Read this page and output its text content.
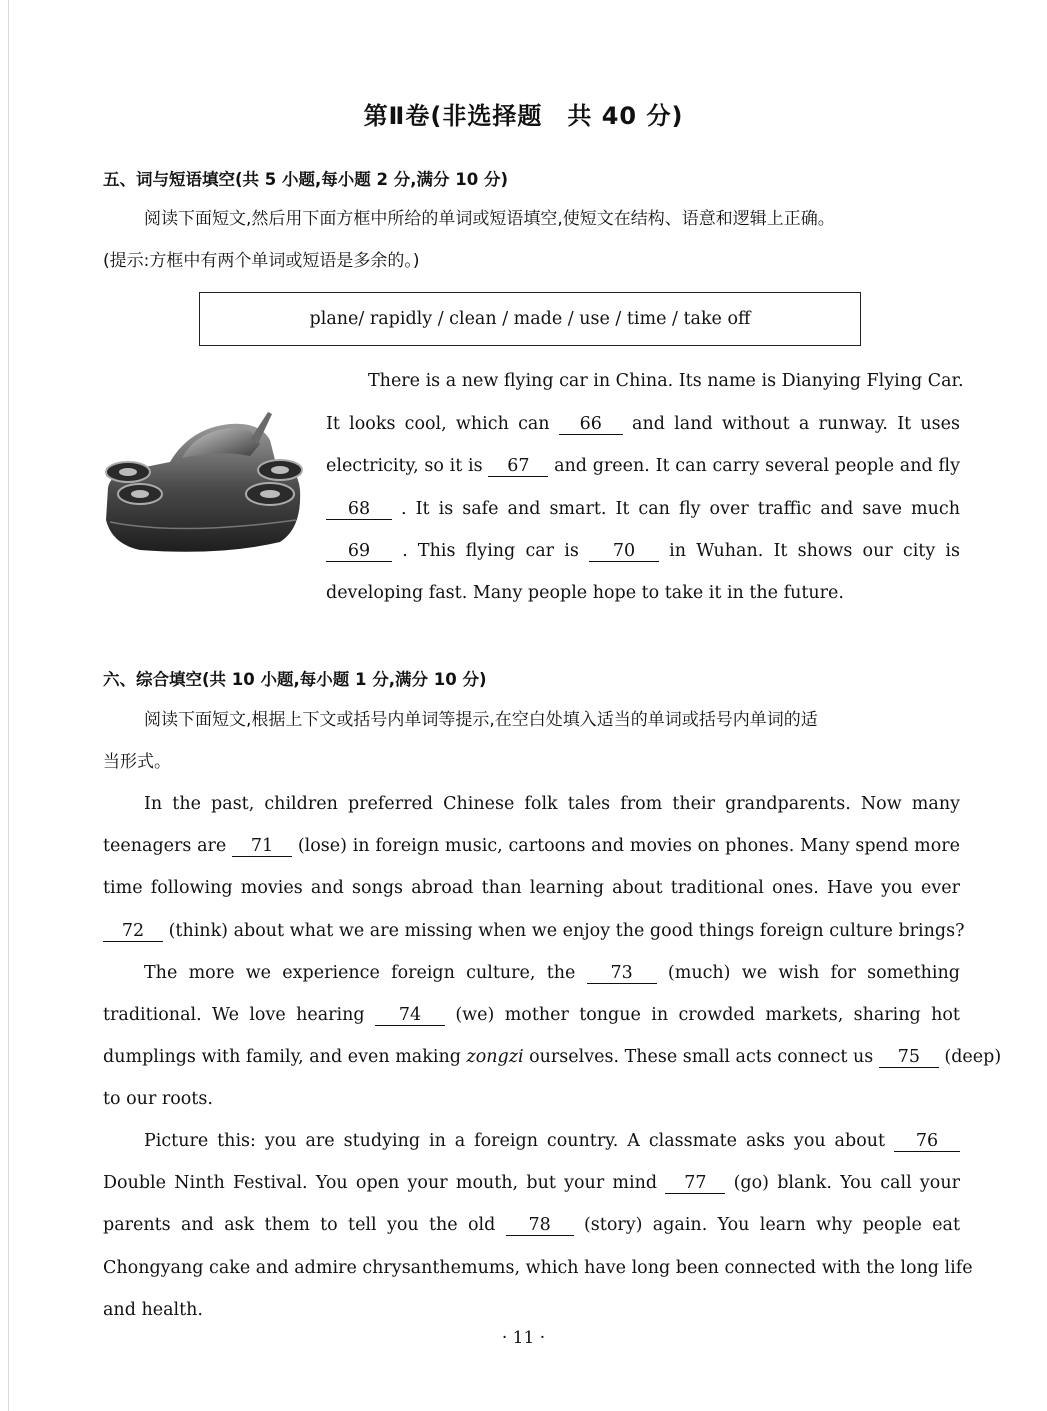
第Ⅱ卷(非选择题　共 40 分)
五、词与短语填空(共 5 小题,每小题 2 分,满分 10 分)
阅读下面短文,然后用下面方框中所给的单词或短语填空,使短文在结构、语意和逻辑上正确。
(提示:方框中有两个单词或短语是多余的。)
plane/ rapidly / clean / made / use / time / take off
There is a new flying car in China. Its name is Dianying Flying Car.
It looks cool, which can 66 and land without a runway. It uses
electricity, so it is 67 and green. It can carry several people and fly
68 . It is safe and smart. It can fly over traffic and save much
69 . This flying car is 70 in Wuhan. It shows our city is
developing fast. Many people hope to take it in the future.
六、综合填空(共 10 小题,每小题 1 分,满分 10 分)
阅读下面短文,根据上下文或括号内单词等提示,在空白处填入适当的单词或括号内单词的适
当形式。
In the past, children preferred Chinese folk tales from their grandparents. Now many
teenagers are 71 (lose) in foreign music, cartoons and movies on phones. Many spend more
time following movies and songs abroad than learning about traditional ones. Have you ever
72 (think) about what we are missing when we enjoy the good things foreign culture brings?
The more we experience foreign culture, the 73 (much) we wish for something
traditional. We love hearing 74 (we) mother tongue in crowded markets, sharing hot
dumplings with family, and even making zongzi ourselves. These small acts connect us 75 (deep)
to our roots.
Picture this: you are studying in a foreign country. A classmate asks you about 76
Double Ninth Festival. You open your mouth, but your mind 77 (go) blank. You call your
parents and ask them to tell you the old 78 (story) again. You learn why people eat
Chongyang cake and admire chrysanthemums, which have long been connected with the long life
and health.
· 11 ·
